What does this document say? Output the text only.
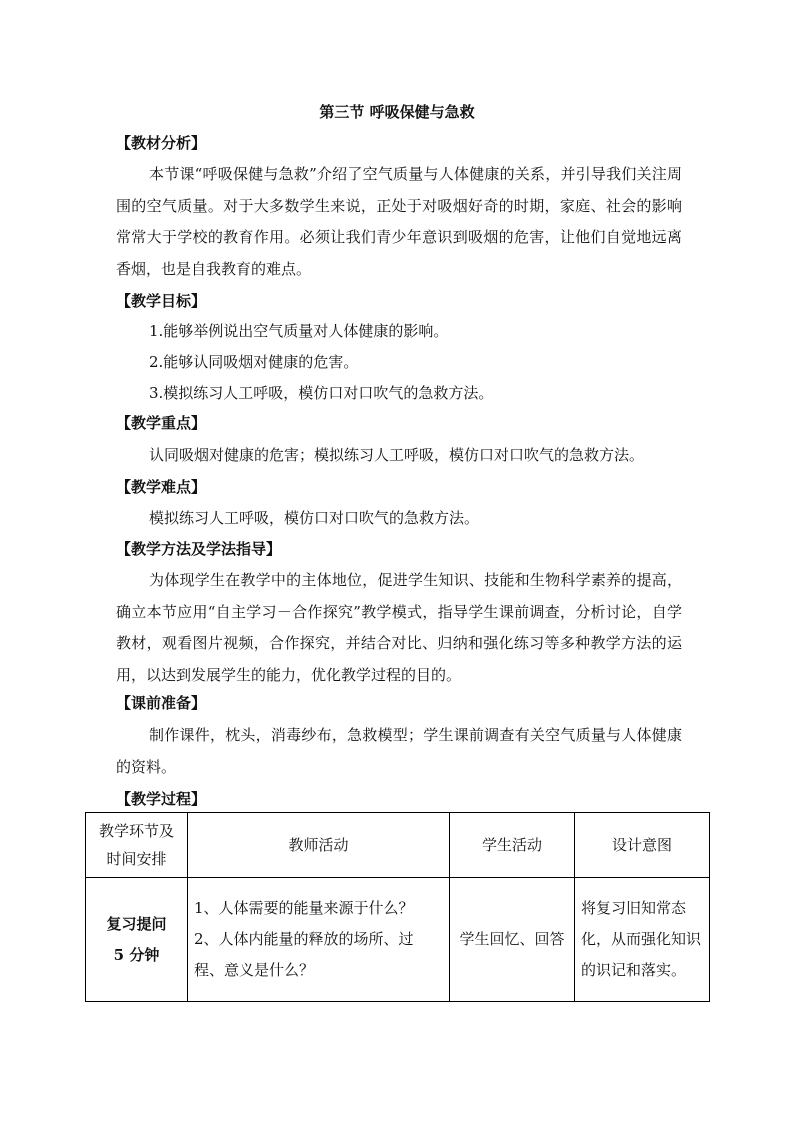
第三节 呼吸保健与急救
【教材分析】
本节课“呼吸保健与急救”介绍了空气质量与人体健康的关系，并引导我们关注周围的空气质量。对于大多数学生来说，正处于对吸烟好奇的时期，家庭、社会的影响常常大于学校的教育作用。必须让我们青少年意识到吸烟的危害，让他们自觉地远离香烟，也是自我教育的难点。
【教学目标】
1.能够举例说出空气质量对人体健康的影响。
2.能够认同吸烟对健康的危害。
3.模拟练习人工呼吸，模仿口对口吹气的急救方法。
【教学重点】
认同吸烟对健康的危害；模拟练习人工呼吸，模仿口对口吹气的急救方法。
【教学难点】
模拟练习人工呼吸，模仿口对口吹气的急救方法。
【教学方法及学法指导】
为体现学生在教学中的主体地位，促进学生知识、技能和生物科学素养的提高，确立本节应用“自主学习－合作探究”教学模式，指导学生课前调查，分析讨论，自学教材，观看图片视频，合作探究，并结合对比、归纳和强化练习等多种教学方法的运用，以达到发展学生的能力，优化教学过程的目的。
【课前准备】
制作课件，枕头，消毒纱布，急救模型；学生课前调查有关空气质量与人体健康的资料。
【教学过程】
教学环节及
时间安排	教师活动	学生活动	设计意图

复习提问
5 分钟	1、人体需要的能量来源于什么？
2、人体内能量的释放的场所、过程、意义是什么？	学生回忆、回答	将复习旧知常态化，从而强化知识的识记和落实。
